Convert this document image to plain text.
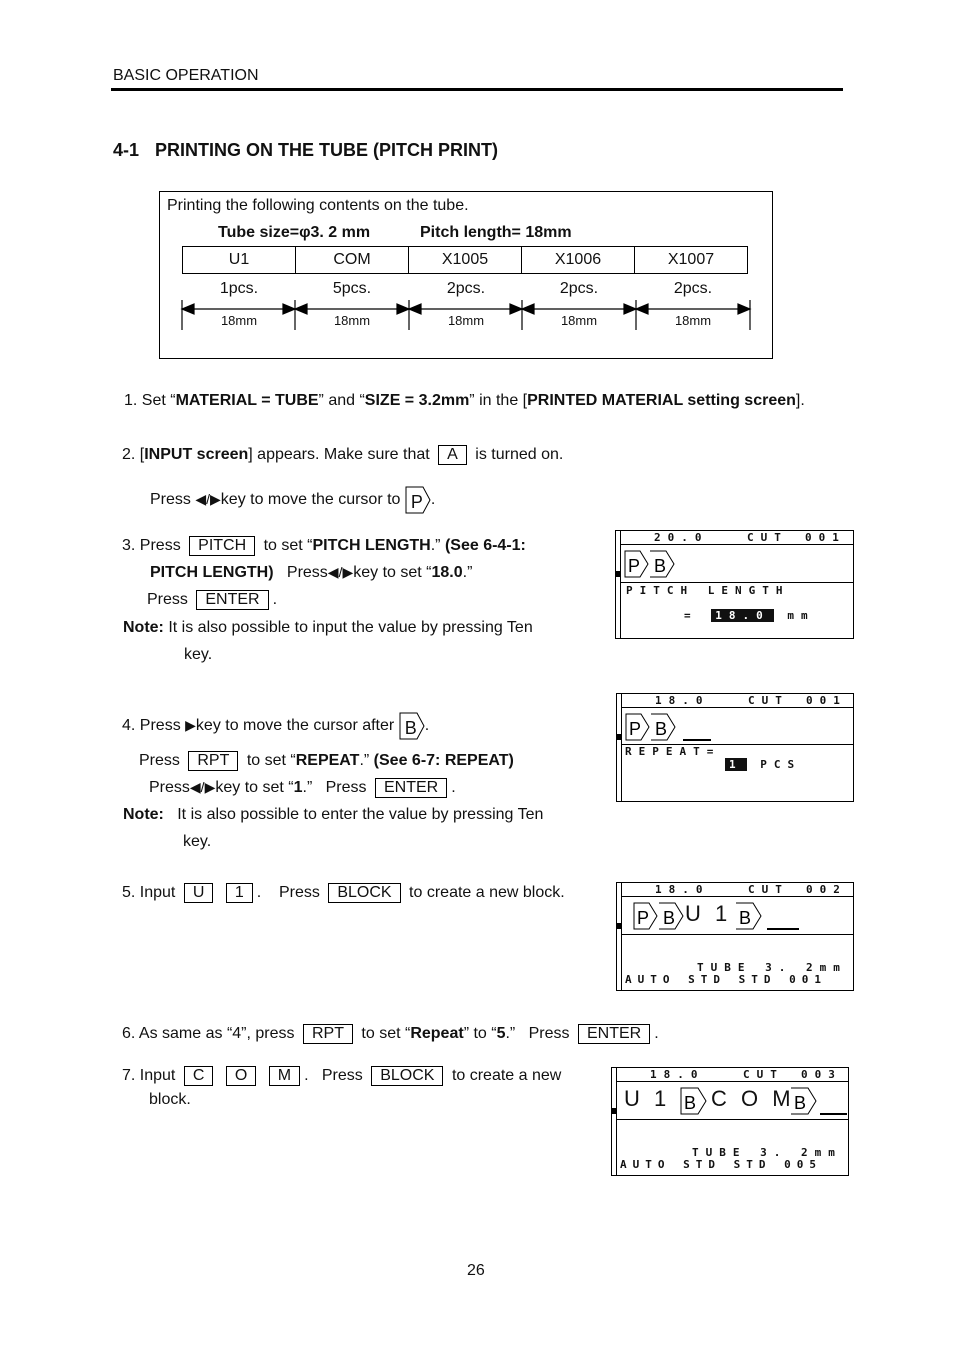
BASIC OPERATION
4-1 PRINTING ON THE TUBE (PITCH PRINT)
Printing the following contents on the tube.
Tube size=φ3. 2 mm	Pitch length= 18mm
U1	COM	X1005	X1006	X1007
1pcs.	5pcs.	2pcs.	2pcs.	2pcs.
18mm	18mm	18mm	18mm	18mm
1. Set “MATERIAL = TUBE” and “SIZE = 3.2mm” in the [PRINTED MATERIAL setting screen].
2. [INPUT screen] appears. Make sure that A is turned on.
Press ◀/▶key to move the cursor to P .
3. Press PITCH to set “PITCH LENGTH.” (See 6-4-1:
PITCH LENGTH) Press◀/▶key to set “18.0.”
Press ENTER .
Note: It is also possible to input the value by pressing Ten
key.
20.0	CUT 001
P B
PITCH LENGTH
= 18.0 mm
4. Press ▶key to move the cursor after B .
Press RPT to set “REPEAT.” (See 6-7: REPEAT)
Press◀/▶key to set “1.” Press ENTER .
Note: It is also possible to enter the value by pressing Ten
key.
18.0	CUT 001
P B
REPEAT=
1 PCS
5. Input U 1 . Press BLOCK to create a new block.	18.0	CUT 002
P B U 1 B
TUBE 3. 2mm
AUTO STD STD 001
6. As same as “4”, press RPT to set “Repeat” to “5.” Press ENTER .
7. Input C O M . Press BLOCK to create a new
block.
18.0	CUT 003
U 1 B C O M B
TUBE 3. 2mm
AUTO STD STD 005
26
